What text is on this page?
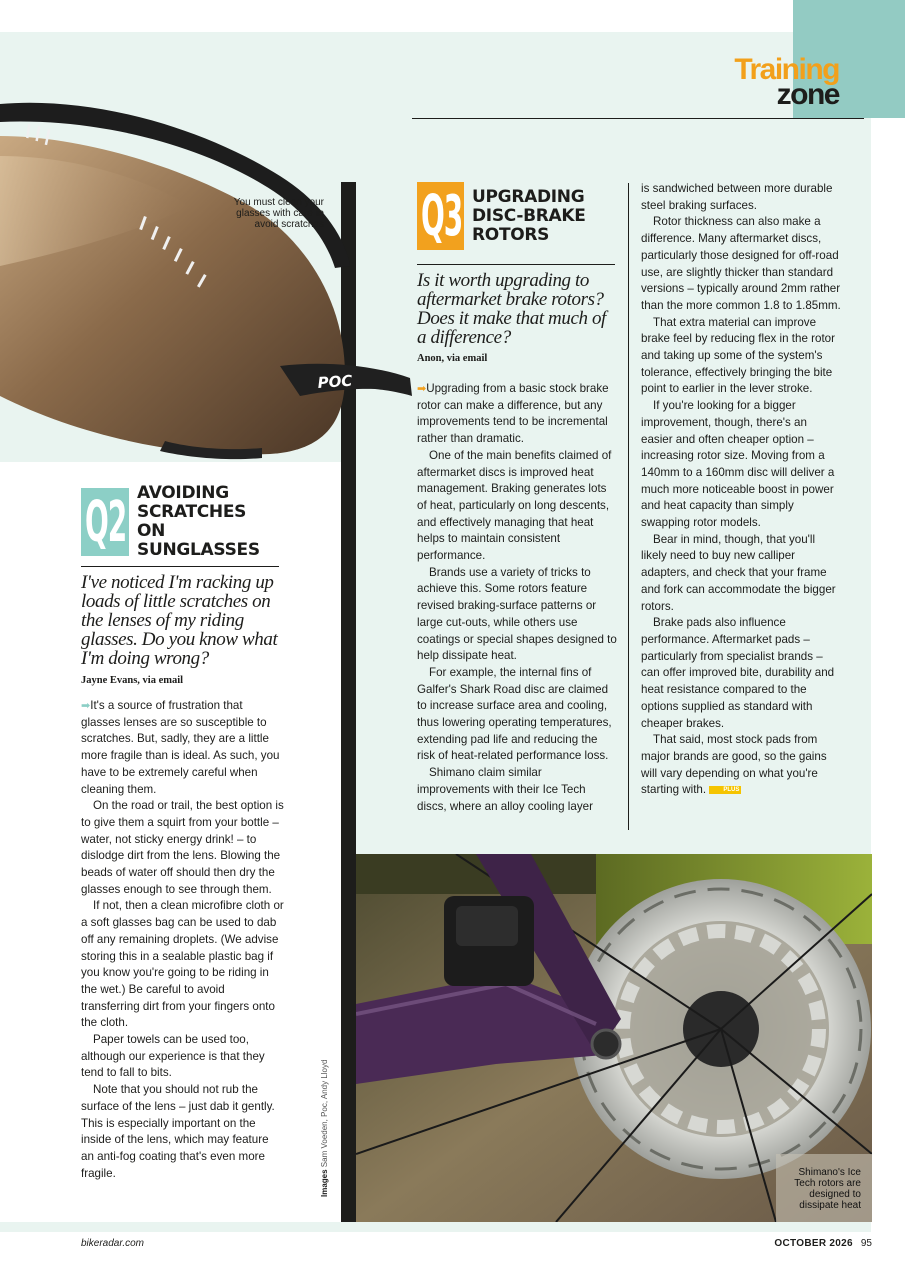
Training
zone
POC
You must clean your glasses with care to avoid scratches
Q2 AVOIDING SCRATCHES ON SUNGLASSES
I've noticed I'm racking up loads of little scratches on the lenses of my riding glasses. Do you know what I'm doing wrong?
Jayne Evans, via email

➡It's a source of frustration that glasses lenses are so susceptible to scratches. But, sadly, they are a little more fragile than is ideal. As such, you have to be extremely careful when cleaning them.

On the road or trail, the best option is to give them a squirt from your bottle – water, not sticky energy drink! – to dislodge dirt from the lens. Blowing the beads of water off should then dry the glasses enough to see through them.

If not, then a clean microfibre cloth or a soft glasses bag can be used to dab off any remaining droplets. (We advise storing this in a sealable plastic bag if you know you're going to be riding in the wet.) Be careful to avoid transferring dirt from your fingers onto the cloth.

Paper towels can be used too, although our experience is that they tend to fall to bits.

Note that you should not rub the surface of the lens – just dab it gently. This is especially important on the inside of the lens, which may feature an anti-fog coating that's even more fragile.	Images Sam Voeden, Poc, Andy Lloyd
Q3 UPGRADING DISC-BRAKE ROTORS
Is it worth upgrading to aftermarket brake rotors? Does it make that much of a difference?
Anon, via email

➡Upgrading from a basic stock brake rotor can make a difference, but any improvements tend to be incremental rather than dramatic.

One of the main benefits claimed of aftermarket discs is improved heat management. Braking generates lots of heat, particularly on long descents, and effectively managing that heat helps to maintain consistent performance.

Brands use a variety of tricks to achieve this. Some rotors feature revised braking-surface patterns or large cut-outs, while others use coatings or special shapes designed to help dissipate heat.

For example, the internal fins of Galfer's Shark Road disc are claimed to increase surface area and cooling, thus lowering operating temperatures, extending pad life and reducing the risk of heat-related performance loss.

Shimano claim similar improvements with their Ice Tech discs, where an alloy cooling layer

is sandwiched between more durable steel braking surfaces.

Rotor thickness can also make a difference. Many aftermarket discs, particularly those designed for off-road use, are slightly thicker than standard versions – typically around 2mm rather than the more common 1.8 to 1.85mm.

That extra material can improve brake feel by reducing flex in the rotor and taking up some of the system's tolerance, effectively bringing the bite point to earlier in the lever stroke.

If you're looking for a bigger improvement, though, there's an easier and often cheaper option – increasing rotor size. Moving from a 140mm to a 160mm disc will deliver a much more noticeable boost in power and heat capacity than simply swapping rotor models.

Bear in mind, though, that you'll likely need to buy new calliper adapters, and check that your frame and fork can accommodate the bigger rotors.

Brake pads also influence performance. Aftermarket pads – particularly from specialist brands – can offer improved bite, durability and heat resistance compared to the options supplied as standard with cheaper brakes.

That said, most stock pads from major brands are good, so the gains will vary depending on what you're starting with.	PLUS

Shimano's Ice Tech rotors are designed to dissipate heat
bikeradar.com	OCTOBER 2026 95
